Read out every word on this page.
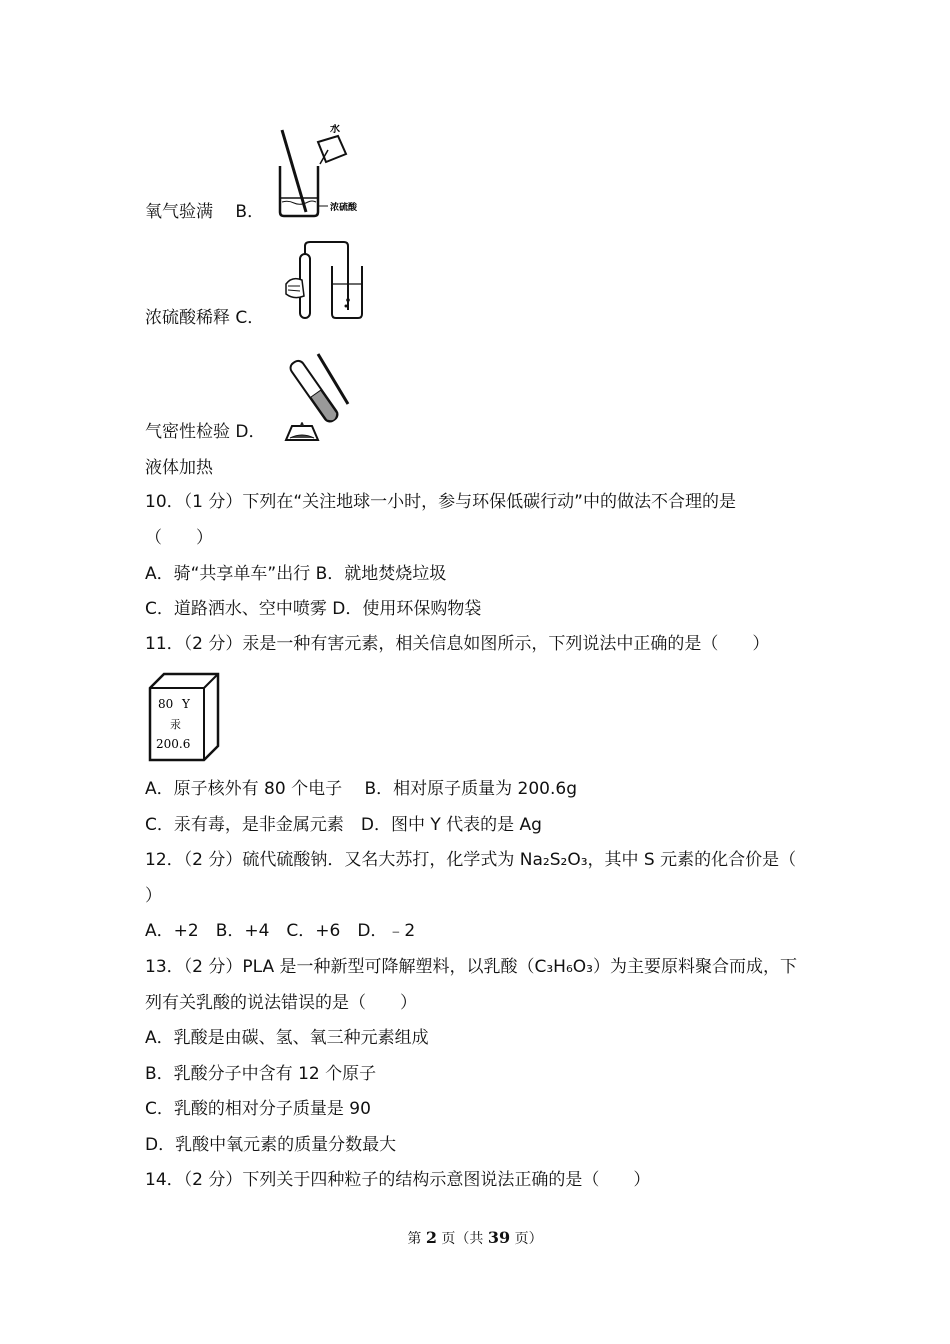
水
浓硫酸
氧气验满　 B．
浓硫酸稀释 C．
气密性检验 D．
液体加热
10．（1 分）下列在“关注地球一小时，参与环保低碳行动”中的做法不合理的是
（　　）
A．骑“共享单车”出行 B．就地焚烧垃圾
C．道路洒水、空中喷雾 D．使用环保购物袋
11．（2 分）汞是一种有害元素，相关信息如图所示，下列说法中正确的是（　　）
80 Y
汞
200.6
A．原子核外有 80 个电子　 B．相对原子质量为 200.6g
C．汞有毒，是非金属元素　D．图中 Y 代表的是 Ag
12．（2 分）硫代硫酸钠．又名大苏打，化学式为 Na₂S₂O₃，其中 S 元素的化合价是（
）
A．+2　B．+4　C．+6　D．﹣2
13．（2 分）PLA 是一种新型可降解塑料，以乳酸（C₃H₆O₃）为主要原料聚合而成，下
列有关乳酸的说法错误的是（　　）
A．乳酸是由碳、氢、氧三种元素组成
B．乳酸分子中含有 12 个原子
C．乳酸的相对分子质量是 90
D．乳酸中氧元素的质量分数最大
14．（2 分）下列关于四种粒子的结构示意图说法正确的是（　　）
第 2 页（共 39 页）
